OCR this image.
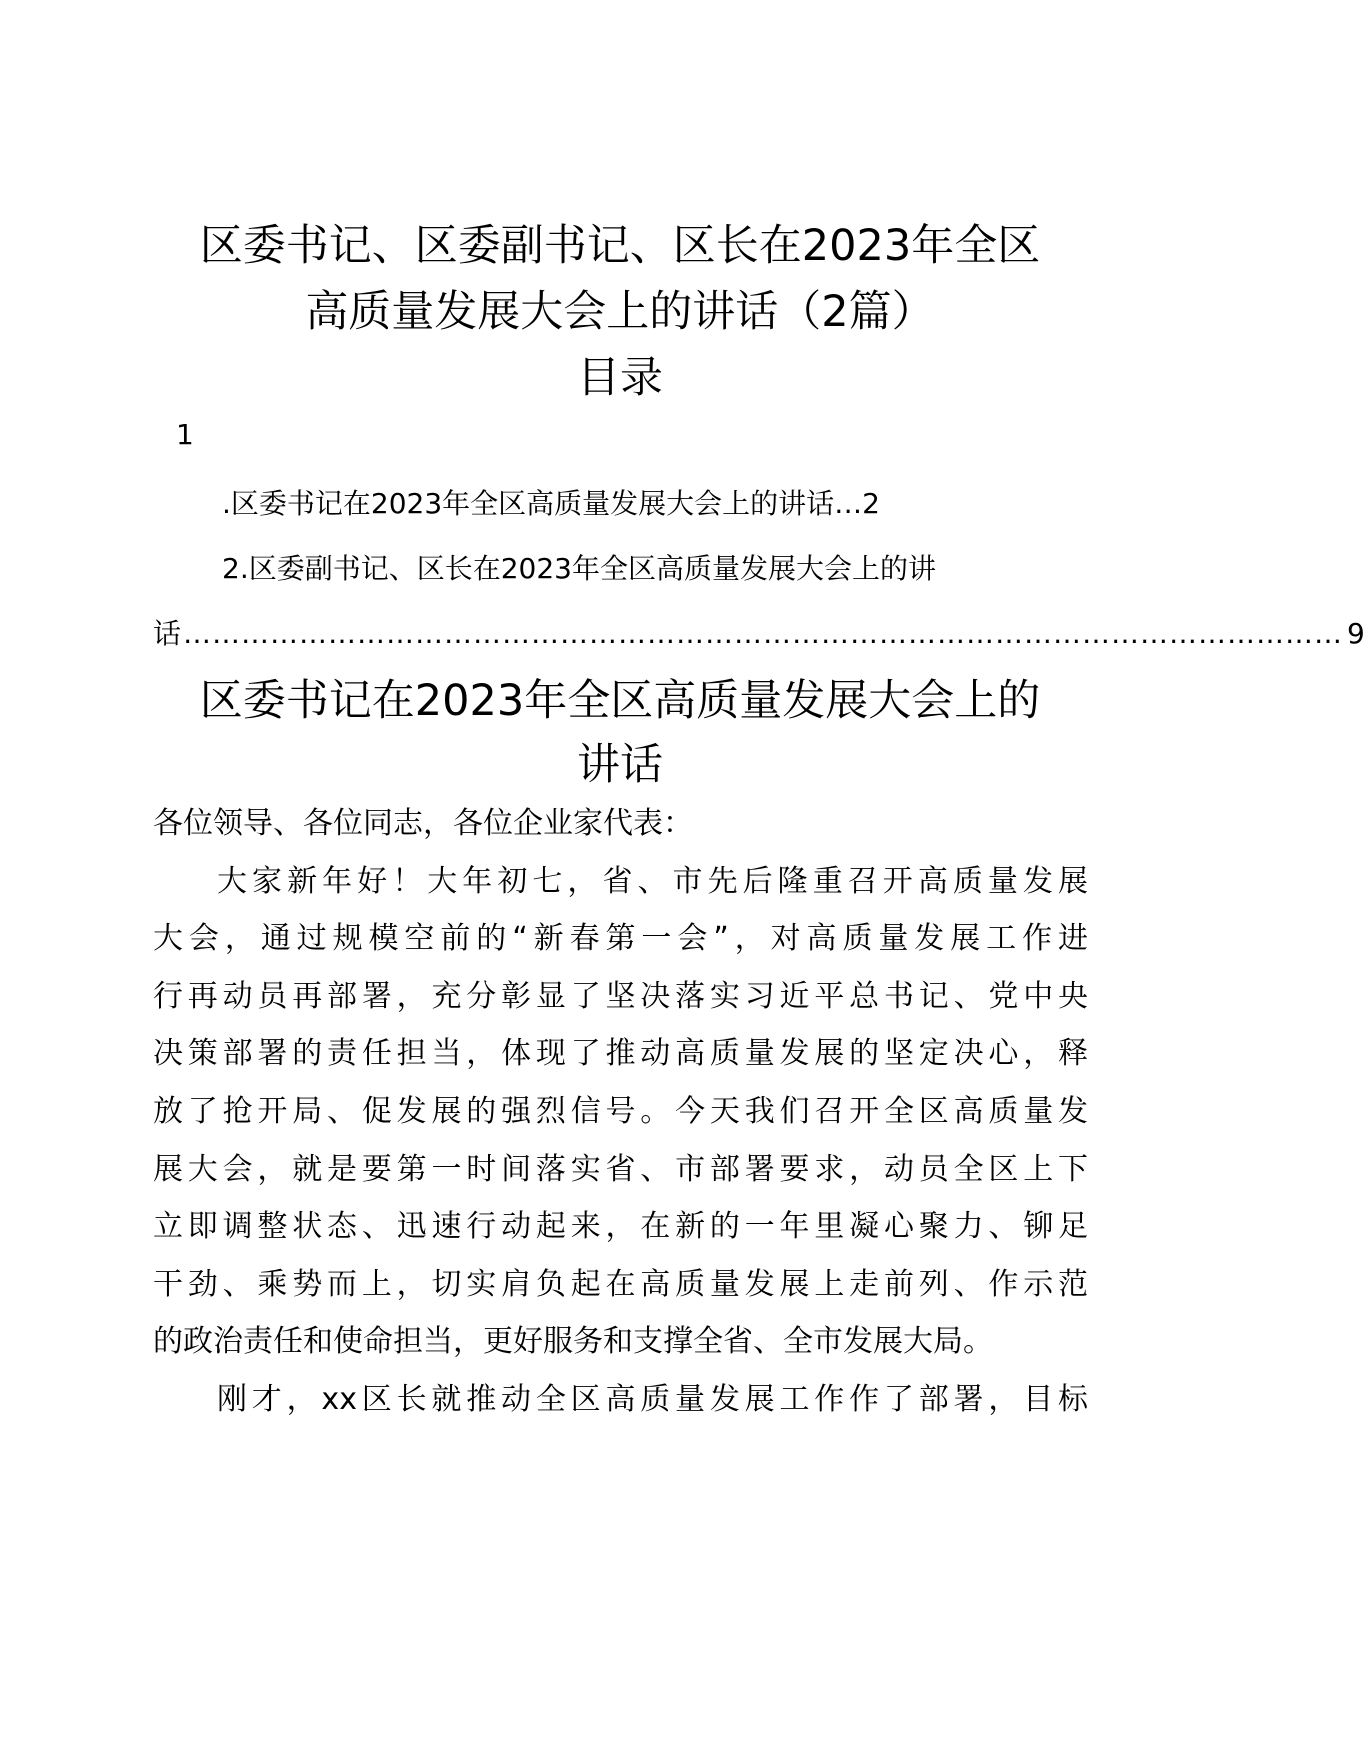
区委书记、区委副书记、区长在2023年全区
高质量发展大会上的讲话（2篇）
目录
1
.区委书记在2023年全区高质量发展大会上的讲话…2
2.区委副书记、区长在2023年全区高质量发展大会上的讲
话 ………………………………………………………………………………………………………… 9
区委书记在2023年全区高质量发展大会上的
讲话
各位领导、各位同志，各位企业家代表：
大家新年好！大年初七，省、市先后隆重召开高质量发展
大会，通过规模空前的“新春第一会”，对高质量发展工作进
行再动员再部署，充分彰显了坚决落实习近平总书记、党中央
决策部署的责任担当，体现了推动高质量发展的坚定决心，释
放了抢开局、促发展的强烈信号。今天我们召开全区高质量发
展大会，就是要第一时间落实省、市部署要求，动员全区上下
立即调整状态、迅速行动起来，在新的一年里凝心聚力、铆足
干劲、乘势而上，切实肩负起在高质量发展上走前列、作示范
的政治责任和使命担当，更好服务和支撑全省、全市发展大局。
刚才，xx区长就推动全区高质量发展工作作了部署，目标
